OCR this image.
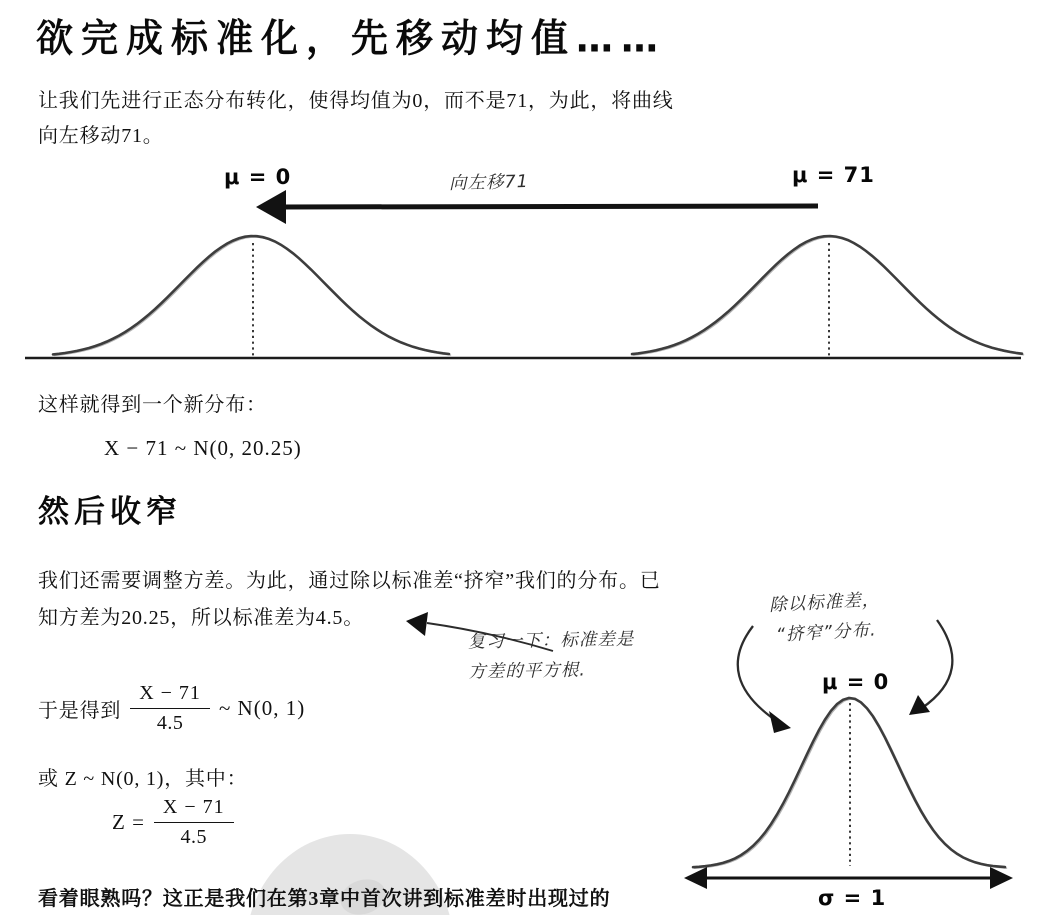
欲完成标准化，先移动均值……
让我们先进行正态分布转化，使得均值为0，而不是71，为此，将曲线
向左移动71。
μ = 0	向左移71	μ = 71
这样就得到一个新分布：
X − 71 ~ N(0, 20.25)
然后收窄
我们还需要调整方差。为此，通过除以标准差“挤窄”我们的分布。已
知方差为20.25，所以标准差为4.5。
复习一下：标准差是
方差的平方根.
于是得到 $\frac{X - 71}{4.5}$ ~ N(0, 1)
或 Z ~ N(0, 1)，其中：
$Z = \frac{X - 71}{4.5}$
看着眼熟吗？这正是我们在第3章中首次讲到标准差时出现过的
除以标准差，
“挤窄”分布.
μ = 0
σ = 1
